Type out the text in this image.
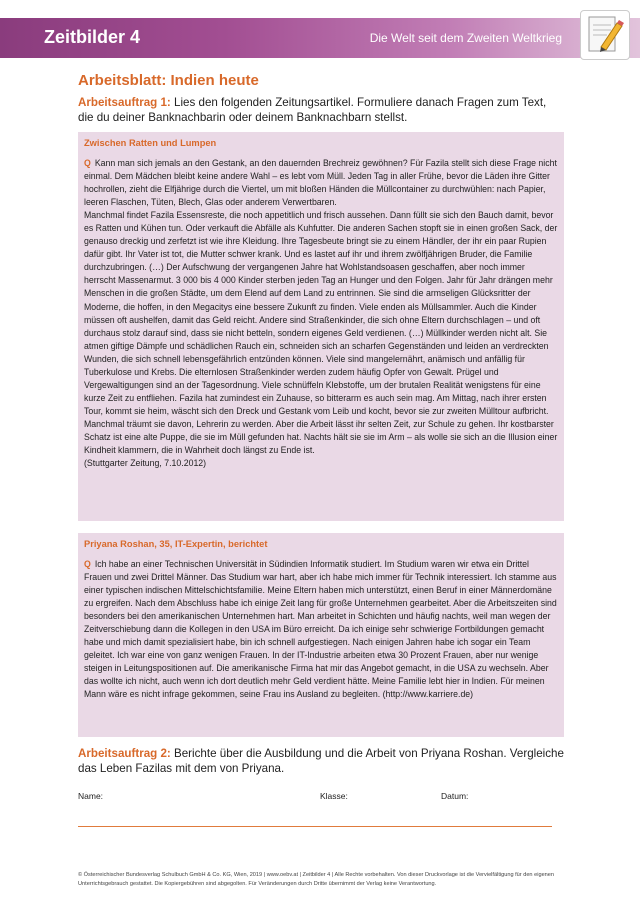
Zeitbilder 4	Die Welt seit dem Zweiten Weltkrieg
Arbeitsblatt: Indien heute
Arbeitsauftrag 1: Lies den folgenden Zeitungsartikel. Formuliere danach Fragen zum Text, die du deiner Banknachbarin oder deinem Banknachbarn stellst.
Zwischen Ratten und Lumpen

Q Kann man sich jemals an den Gestank, an den dauernden Brechreiz gewöhnen? Für Fazila stellt sich diese Frage nicht einmal. Dem Mädchen bleibt keine andere Wahl – es lebt vom Müll. Jeden Tag in aller Frühe, bevor die Läden ihre Gitter hochrollen, zieht die Elfjährige durch die Viertel, um mit bloßen Händen die Müllcontainer zu durchwühlen: nach Papier, leeren Flaschen, Tüten, Blech, Glas oder anderem Verwertbaren.

Manchmal findet Fazila Essensreste, die noch appetitlich und frisch aussehen. Dann füllt sie sich den Bauch damit, bevor es Ratten und Kühen tun. Oder verkauft die Abfälle als Kuhfutter. Die anderen Sachen stopft sie in einen großen Sack, der genauso dreckig und zerfetzt ist wie ihre Kleidung. Ihre Tagesbeute bringt sie zu einem Händler, der ihr ein paar Rupien dafür gibt. Ihr Vater ist tot, die Mutter schwer krank. Und es lastet auf ihr und ihrem zwölfjährigen Bruder, die Familie durchzubringen. (…) Der Aufschwung der vergangenen Jahre hat Wohlstandsoasen geschaffen, aber noch immer herrscht Massenarmut. 3 000 bis 4 000 Kinder sterben jeden Tag an Hunger und den Folgen. Jahr für Jahr drängen mehr Menschen in die großen Städte, um dem Elend auf dem Land zu entrinnen. Sie sind die armseligen Glücksritter der Moderne, die hoffen, in den Megacitys eine bessere Zukunft zu finden. Viele enden als Müllsammler. Auch die Kinder müssen oft aushelfen, damit das Geld reicht. Andere sind Straßenkinder, die sich ohne Eltern durchschlagen – und oft durchaus stolz darauf sind, dass sie nicht betteln, sondern eigenes Geld verdienen. (…) Müllkinder werden nicht alt. Sie atmen giftige Dämpfe und schädlichen Rauch ein, schneiden sich an scharfen Gegenständen und leiden an verdreckten Wunden, die sich schnell lebensgefährlich entzünden können. Viele sind mangelernährt, anämisch und anfällig für Tuberkulose und Krebs. Die elternlosen Straßenkinder werden zudem häufig Opfer von Gewalt. Prügel und Vergewaltigungen sind an der Tagesordnung. Viele schnüffeln Klebstoffe, um der brutalen Realität wenigstens für eine kurze Zeit zu entfliehen. Fazila hat zumindest ein Zuhause, so bitterarm es auch sein mag. Am Mittag, nach ihrer ersten Tour, kommt sie heim, wäscht sich den Dreck und Gestank vom Leib und kocht, bevor sie zur zweiten Mülltour aufbricht. Manchmal träumt sie davon, Lehrerin zu werden. Aber die Arbeit lässt ihr selten Zeit, zur Schule zu gehen. Ihr kostbarster Schatz ist eine alte Puppe, die sie im Müll gefunden hat. Nachts hält sie sie im Arm – als wolle sie sich an die Illusion einer Kindheit klammern, die in Wahrheit doch längst zu Ende ist.

(Stuttgarter Zeitung, 7.10.2012)

Priyana Roshan, 35, IT-Expertin, berichtet

Q Ich habe an einer Technischen Universität in Südindien Informatik studiert. Im Studium waren wir etwa ein Drittel Frauen und zwei Drittel Männer. Das Studium war hart, aber ich habe mich immer für Technik interessiert. Ich stamme aus einer typischen indischen Mittelschichtsfamilie. Meine Eltern haben mich unterstützt, einen Beruf in einer Männerdomäne zu ergreifen. Nach dem Abschluss habe ich einige Zeit lang für große Unternehmen gearbeitet. Aber die Arbeitszeiten sind besonders bei den amerikanischen Unternehmen hart. Man arbeitet in Schichten und häufig nachts, weil man wegen der Zeitverschiebung dann die Kollegen in den USA im Büro erreicht. Da ich einige sehr schwierige Fortbildungen gemacht habe und mich damit spezialisiert habe, bin ich schnell aufgestiegen. Nach einigen Jahren habe ich sogar ein Team geleitet. Ich war eine von ganz wenigen Frauen. In der IT-Industrie arbeiten etwa 30 Prozent Frauen, aber nur wenige steigen in Leitungspositionen auf. Die amerikanische Firma hat mir das Angebot gemacht, in die USA zu wechseln. Aber das wollte ich nicht, auch wenn ich dort deutlich mehr Geld verdient hätte. Meine Familie lebt hier in Indien. Für meinen Mann wäre es nicht infrage gekommen, seine Frau ins Ausland zu begleiten. (http://www.karriere.de)

Arbeitsauftrag 2: Berichte über die Ausbildung und die Arbeit von Priyana Roshan. Vergleiche das Leben Fazilas mit dem von Priyana.
Name:	Klasse:	Datum:
© Österreichischer Bundesverlag Schulbuch GmbH & Co. KG, Wien, 2019 | www.oebv.at | Zeitbilder 4 | Alle Rechte vorbehalten. Von dieser Druckvorlage ist die Vervielfältigung für den eigenen Unterrichtsgebrauch gestattet. Die Kopiergebühren sind abgegolten. Für Veränderungen durch Dritte übernimmt der Verlag keine Verantwortung.
